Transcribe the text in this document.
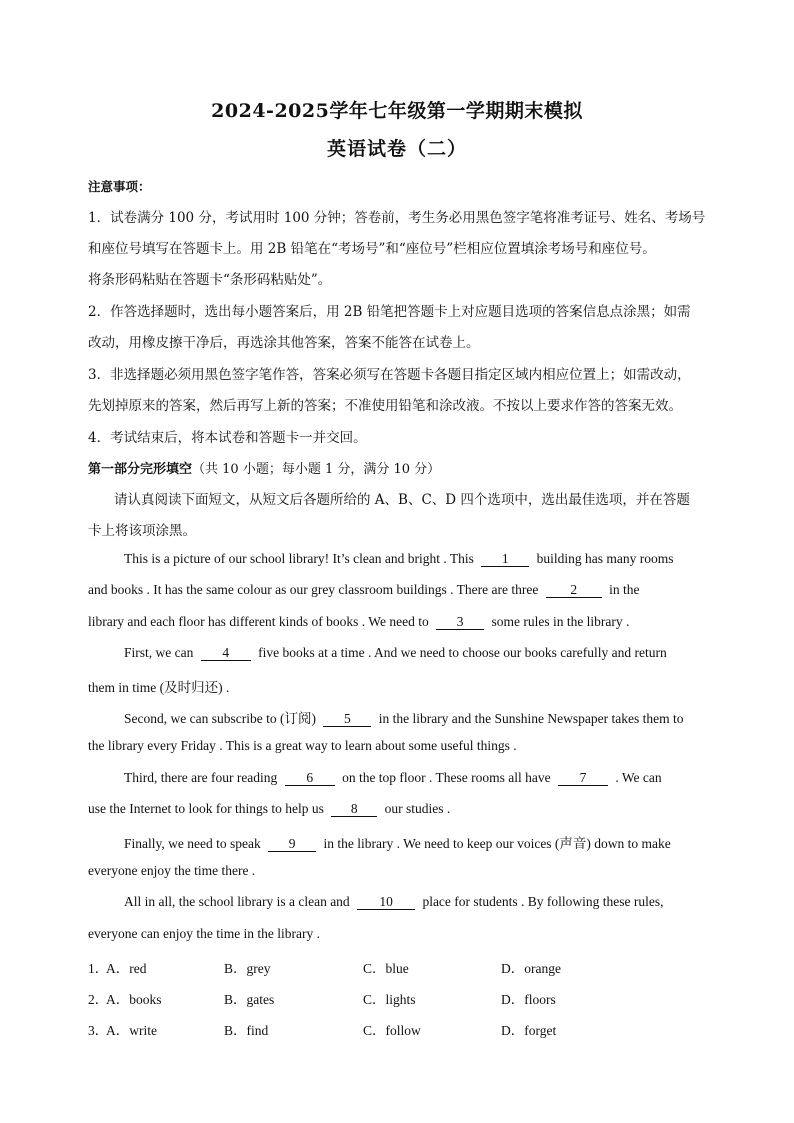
2024-2025学年七年级第一学期期末模拟
英语试卷（二）
注意事项：
1．试卷满分 100 分，考试用时 100 分钟；答卷前，考生务必用黑色签字笔将准考证号、姓名、考场号
和座位号填写在答题卡上。用 2B 铅笔在“考场号”和“座位号”栏相应位置填涂考场号和座位号。
将条形码粘贴在答题卡“条形码粘贴处”。
2．作答选择题时，选出每小题答案后，用 2B 铅笔把答题卡上对应题目选项的答案信息点涂黑；如需
改动，用橡皮擦干净后，再选涂其他答案，答案不能答在试卷上。
3．非选择题必须用黑色签字笔作答，答案必须写在答题卡各题目指定区域内相应位置上；如需改动，
先划掉原来的答案，然后再写上新的答案；不准使用铅笔和涂改液。不按以上要求作答的答案无效。
4．考试结束后，将本试卷和答题卡一并交回。
第一部分完形填空（共 10 小题；每小题 1 分，满分 10 分）
请认真阅读下面短文，从短文后各题所给的 A、B、C、D 四个选项中，选出最佳选项，并在答题
卡上将该项涂黑。
This is a picture of our school library! It’s clean and bright . This 1 building has many rooms
and books . It has the same colour as our grey classroom buildings . There are three 2 in the
library and each floor has different kinds of books . We need to 3 some rules in the library .
First, we can 4 five books at a time . And we need to choose our books carefully and return
them in time (及时归还) .
Second, we can subscribe to (订阅) 5 in the library and the Sunshine Newspaper takes them to
the library every Friday . This is a great way to learn about some useful things .
Third, there are four reading 6 on the top floor . These rooms all have 7 . We can
use the Internet to look for things to help us 8 our studies .
Finally, we need to speak 9 in the library . We need to keep our voices (声音) down to make
everyone enjoy the time there .
All in all, the school library is a clean and 10 place for students . By following these rules,
everyone can enjoy the time in the library .
1．
A．red	B．grey	C．blue	D．orange
2．
A．books	B．gates	C．lights	D．floors
3．
A．write	B．find	C．follow	D．forget
